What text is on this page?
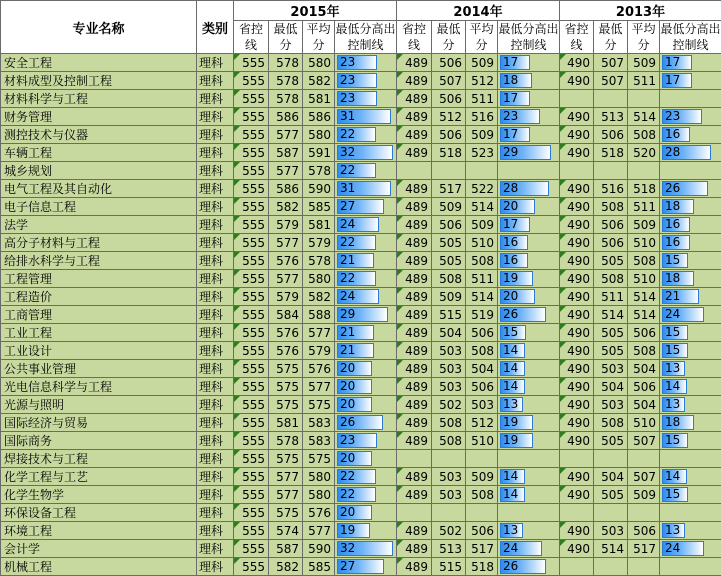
专业名称	类别	2015年				2014年				2013年			
		省控线	最低分	平均分	最低分高出控制线	省控线	最低分	平均分	最低分高出控制线	省控线	最低分	平均分	最低分高出控制线
安全工程	理科	555	578	580	23	489	506	509	17	490	507	509	17

材料成型及控制工程	理科	555	578	582	23	489	507	512	18	490	507	511	17

材料科学与工程	理科	555	578	581	23	489	506	511	17				

财务管理	理科	555	586	586	31	489	512	516	23	490	513	514	23

测控技术与仪器	理科	555	577	580	22	489	506	509	17	490	506	508	16

车辆工程	理科	555	587	591	32	489	518	523	29	490	518	520	28

城乡规划	理科	555	577	578	22								

电气工程及其自动化	理科	555	586	590	31	489	517	522	28	490	516	518	26

电子信息工程	理科	555	582	585	27	489	509	514	20	490	508	511	18

法学	理科	555	579	581	24	489	506	509	17	490	506	509	16

高分子材料与工程	理科	555	577	579	22	489	505	510	16	490	506	510	16

给排水科学与工程	理科	555	576	578	21	489	505	508	16	490	505	508	15

工程管理	理科	555	577	580	22	489	508	511	19	490	508	510	18

工程造价	理科	555	579	582	24	489	509	514	20	490	511	514	21

工商管理	理科	555	584	588	29	489	515	519	26	490	514	514	24

工业工程	理科	555	576	577	21	489	504	506	15	490	505	506	15

工业设计	理科	555	576	579	21	489	503	508	14	490	505	508	15

公共事业管理	理科	555	575	576	20	489	503	504	14	490	503	504	13

光电信息科学与工程	理科	555	575	577	20	489	503	506	14	490	504	506	14

光源与照明	理科	555	575	575	20	489	502	503	13	490	503	504	13

国际经济与贸易	理科	555	581	583	26	489	508	512	19	490	508	510	18

国际商务	理科	555	578	583	23	489	508	510	19	490	505	507	15

焊接技术与工程	理科	555	575	575	20								

化学工程与工艺	理科	555	577	580	22	489	503	509	14	490	504	507	14

化学生物学	理科	555	577	580	22	489	503	508	14	490	505	509	15

环保设备工程	理科	555	575	576	20								

环境工程	理科	555	574	577	19	489	502	506	13	490	503	506	13

会计学	理科	555	587	590	32	489	513	517	24	490	514	517	24

机械工程	理科	555	582	585	27	489	515	518	26				
